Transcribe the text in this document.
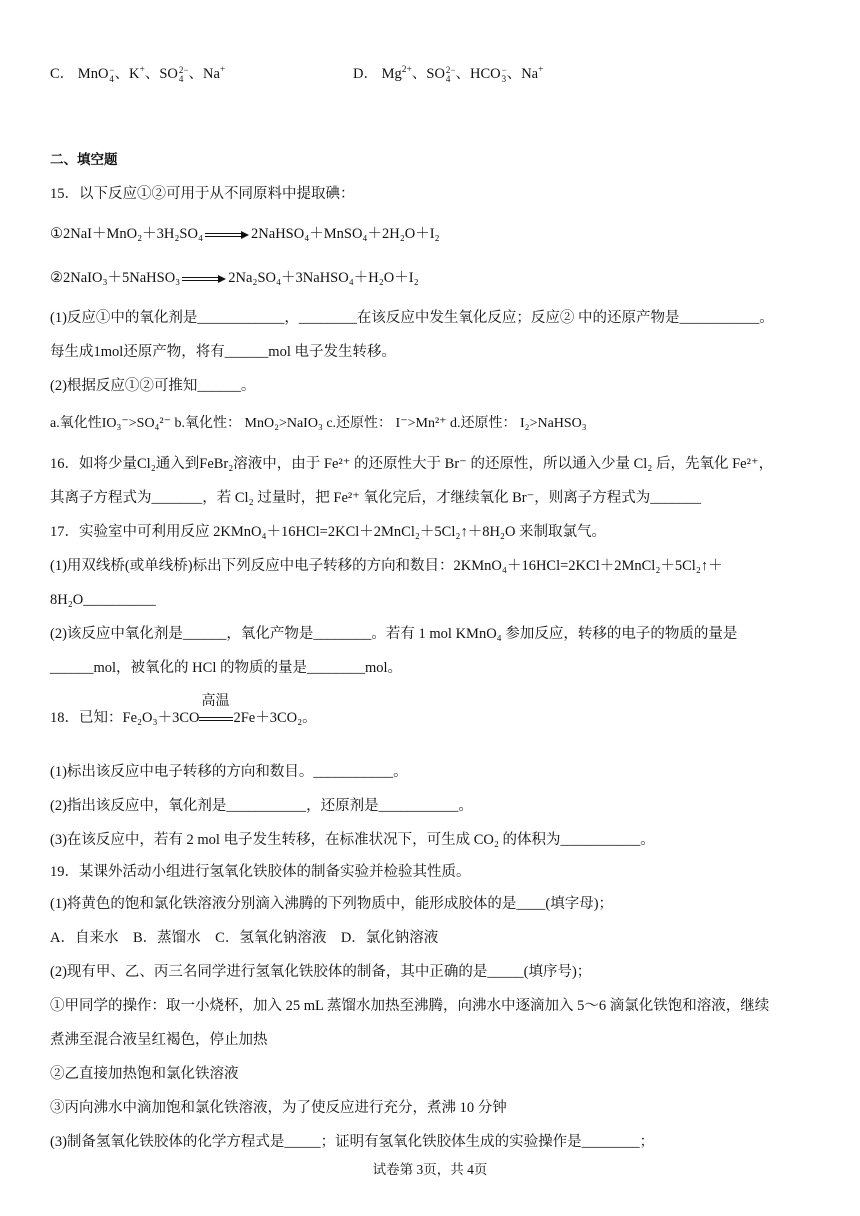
C． MnO −
4 、K+、SO 2−
4 、Na+	D． $Mg^{2+}$、SO 2−
4 、HCO −
3 、Na+
二、填空题
15．以下反应①②可用于从不同原料中提取碘：
①2NaI＋MnO₂＋3H₂SO₄	2NaHSO₄＋MnSO₄＋2H₂O＋I₂
②2NaIO₃＋5NaHSO₃	2Na₂SO₄＋3NaHSO₄＋H₂O＋I₂
(1)反应①中的氧化剂是____________，________在该反应中发生氧化反应；反应② 中的还原产物是___________。
每生成1mol还原产物，将有______mol 电子发生转移。
(2)根据反应①②可推知______。
a.氧化性IO₃⁻>SO₄²⁻ b.氧化性： MnO₂>NaIO₃ c.还原性： I⁻>Mn²⁺ d.还原性： I₂>NaHSO₃
16．如将少量Cl₂通入到FeBr₂溶液中，由于 Fe²⁺ 的还原性大于 Br⁻ 的还原性，所以通入少量 Cl₂ 后，先氧化 Fe²⁺，
其离子方程式为_______，若 Cl₂ 过量时，把 Fe²⁺ 氧化完后，才继续氧化 Br⁻，则离子方程式为_______
17．实验室中可利用反应 2KMnO₄＋16HCl=2KCl＋2MnCl₂＋5Cl₂↑＋8H₂O 来制取氯气。
(1)用双线桥(或单线桥)标出下列反应中电子转移的方向和数目：2KMnO₄＋16HCl=2KCl＋2MnCl₂＋5Cl₂↑＋
8H₂O__________
(2)该反应中氧化剂是______，氧化产物是________。若有 1 mol KMnO₄ 参加反应，转移的电子的物质的量是
______mol，被氧化的 HCl 的物质的量是________mol。
18．已知：Fe₂O₃＋3CO
高温
2Fe＋3CO₂。
(1)标出该反应中电子转移的方向和数目。___________。
(2)指出该反应中，氧化剂是___________，还原剂是___________。
(3)在该反应中，若有 2 mol 电子发生转移，在标准状况下，可生成 CO₂ 的体积为___________。
19．某课外活动小组进行氢氧化铁胶体的制备实验并检验其性质。
(1)将黄色的饱和氯化铁溶液分别滴入沸腾的下列物质中，能形成胶体的是____(填字母)；
A．自来水    B．蒸馏水    C．氢氧化钠溶液    D．氯化钠溶液
(2)现有甲、乙、丙三名同学进行氢氧化铁胶体的制备，其中正确的是_____(填序号)；
①甲同学的操作：取一小烧杯，加入 25 mL 蒸馏水加热至沸腾，向沸水中逐滴加入 5～6 滴氯化铁饱和溶液，继续
煮沸至混合液呈红褐色，停止加热
②乙直接加热饱和氯化铁溶液
③丙向沸水中滴加饱和氯化铁溶液，为了使反应进行充分，煮沸 10 分钟
(3)制备氢氧化铁胶体的化学方程式是_____；证明有氢氧化铁胶体生成的实验操作是________；
试卷第 3页，共 4页
